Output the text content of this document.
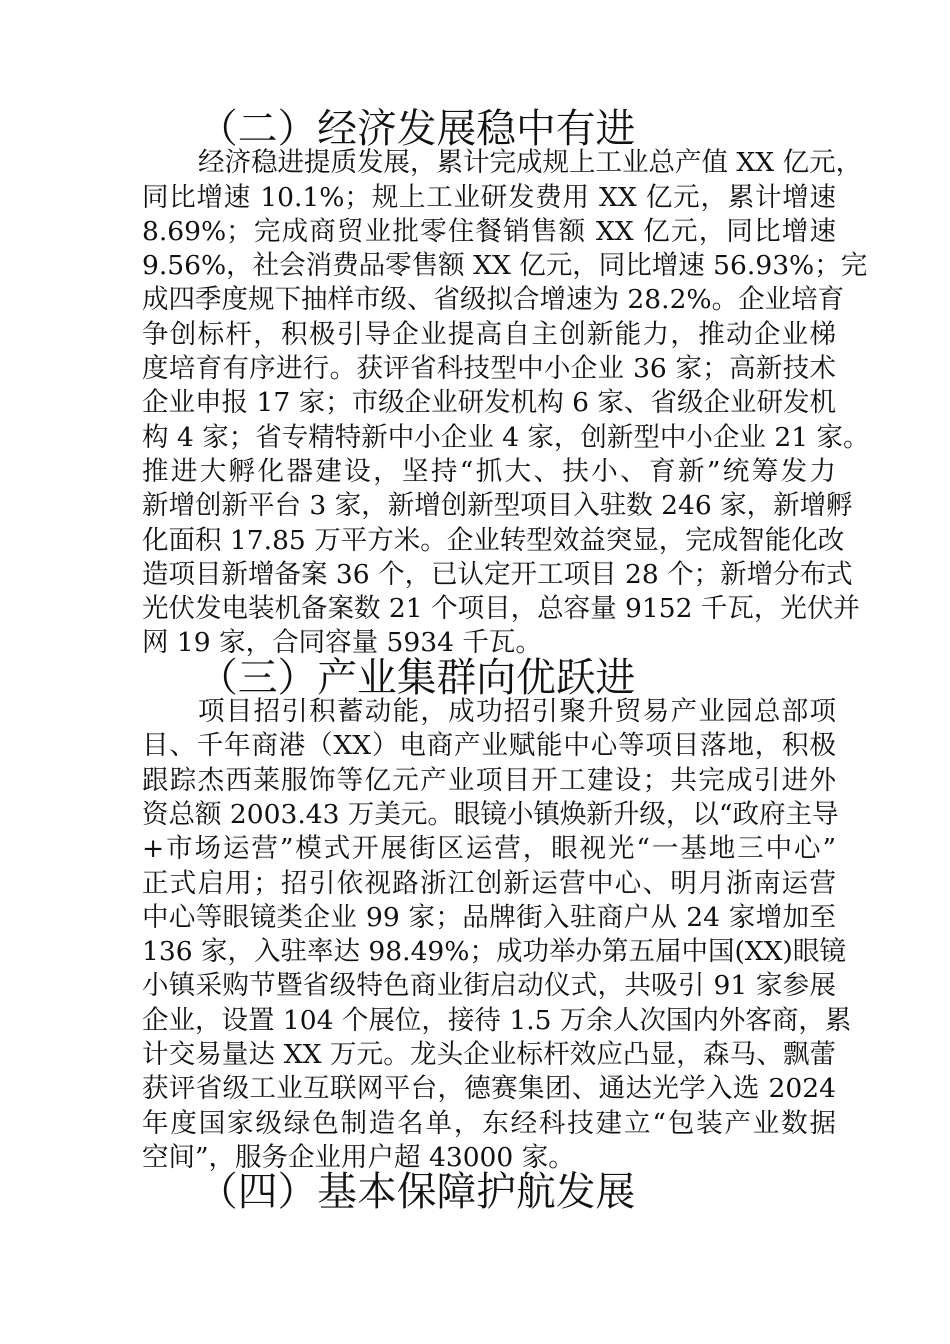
（二）经济发展稳中有进

经济稳进提质发展，累计完成规上工业总产值 XX 亿元，
同比增速 10.1%；规上工业研发费用 XX 亿元，累计增速
8.69%；完成商贸业批零住餐销售额 XX 亿元，同比增速
9.56%，社会消费品零售额 XX 亿元，同比增速 56.93%；完
成四季度规下抽样市级、省级拟合增速为 28.2%。企业培育
争创标杆，积极引导企业提高自主创新能力，推动企业梯
度培育有序进行。获评省科技型中小企业 36 家；高新技术
企业申报 17 家；市级企业研发机构 6 家、省级企业研发机
构 4 家；省专精特新中小企业 4 家，创新型中小企业 21 家。
推进大孵化器建设，坚持“抓大、扶小、育新”统筹发力
新增创新平台 3 家，新增创新型项目入驻数 246 家，新增孵
化面积 17.85 万平方米。企业转型效益突显，完成智能化改
造项目新增备案 36 个，已认定开工项目 28 个；新增分布式
光伏发电装机备案数 21 个项目，总容量 9152 千瓦，光伏并
网 19 家，合同容量 5934 千瓦。

（三）产业集群向优跃进

项目招引积蓄动能，成功招引聚升贸易产业园总部项
目、千年商港（XX）电商产业赋能中心等项目落地，积极
跟踪杰西莱服饰等亿元产业项目开工建设；共完成引进外
资总额 2003.43 万美元。眼镜小镇焕新升级，以“政府主导
+市场运营”模式开展街区运营，眼视光“一基地三中心”
正式启用；招引依视路浙江创新运营中心、明月浙南运营
中心等眼镜类企业 99 家；品牌街入驻商户从 24 家增加至
136 家，入驻率达 98.49%；成功举办第五届中国(XX)眼镜
小镇采购节暨省级特色商业街启动仪式，共吸引 91 家参展
企业，设置 104 个展位，接待 1.5 万余人次国内外客商，累
计交易量达 XX 万元。龙头企业标杆效应凸显，森马、飘蕾
获评省级工业互联网平台，德赛集团、通达光学入选 2024
年度国家级绿色制造名单，东经科技建立“包装产业数据
空间”，服务企业用户超 43000 家。

（四）基本保障护航发展
